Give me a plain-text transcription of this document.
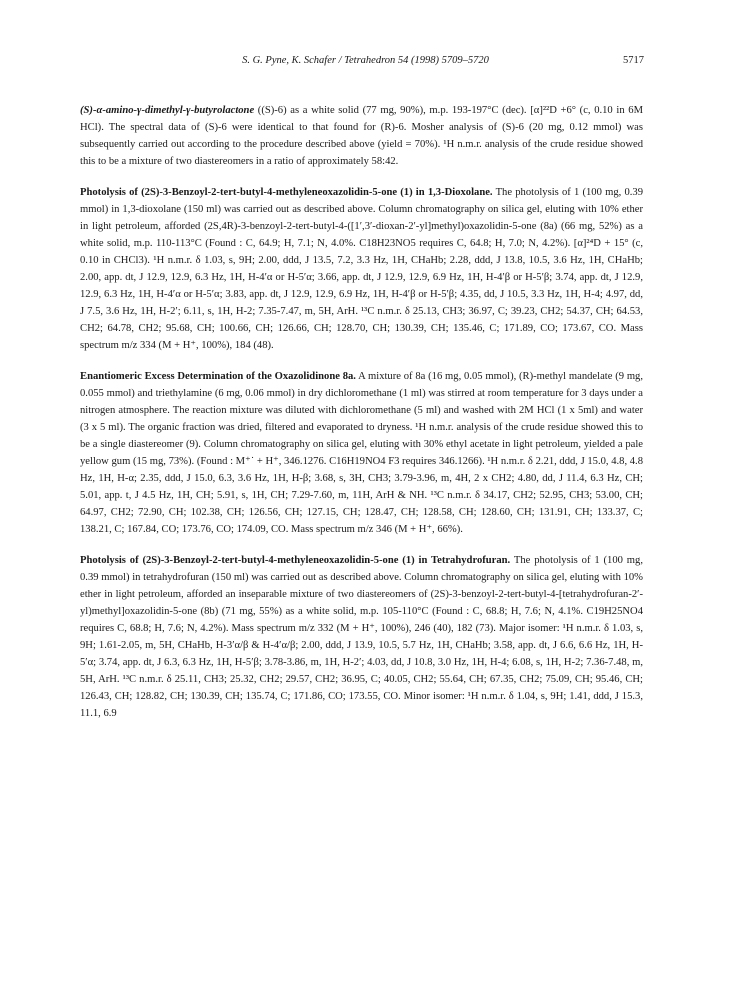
S. G. Pyne, K. Schafer / Tetrahedron 54 (1998) 5709–5720	5717

(S)-α-amino-γ-dimethyl-γ-butyrolactone ((S)-6) as a white solid (77 mg, 90%), m.p. 193-197°C (dec). [α]²²D +6° (c, 0.10 in 6M HCl). The spectral data of (S)-6 were identical to that found for (R)-6. Mosher analysis of (S)-6 (20 mg, 0.12 mmol) was subsequently carried out according to the procedure described above (yield = 70%). ¹H n.m.r. analysis of the crude residue showed this to be a mixture of two diastereomers in a ratio of approximately 58:42.

Photolysis of (2S)-3-Benzoyl-2-tert-butyl-4-methyleneoxazolidin-5-one (1) in 1,3-Dioxolane. The photolysis of 1 (100 mg, 0.39 mmol) in 1,3-dioxolane (150 ml) was carried out as described above. Column chromatography on silica gel, eluting with 10% ether in light petroleum, afforded (2S,4R)-3-benzoyl-2-tert-butyl-4-([1′,3′-dioxan-2′-yl]methyl)oxazolidin-5-one (8a) (66 mg, 52%) as a white solid, m.p. 110-113°C (Found : C, 64.9; H, 7.1; N, 4.0%. C18H23NO5 requires C, 64.8; H, 7.0; N, 4.2%). [α]²⁴D + 15° (c, 0.10 in CHCl3). ¹H n.m.r. δ 1.03, s, 9H; 2.00, ddd, J 13.5, 7.2, 3.3 Hz, 1H, CHaHb; 2.28, ddd, J 13.8, 10.5, 3.6 Hz, 1H, CHaHb; 2.00, app. dt, J 12.9, 12.9, 6.3 Hz, 1H, H-4′α or H-5′α; 3.66, app. dt, J 12.9, 12.9, 6.9 Hz, 1H, H-4′β or H-5′β; 3.74, app. dt, J 12.9, 12.9, 6.3 Hz, 1H, H-4′α or H-5′α; 3.83, app. dt, J 12.9, 12.9, 6.9 Hz, 1H, H-4′β or H-5′β; 4.35, dd, J 10.5, 3.3 Hz, 1H, H-4; 4.97, dd, J 7.5, 3.6 Hz, 1H, H-2′; 6.11, s, 1H, H-2; 7.35-7.47, m, 5H, ArH. ¹³C n.m.r. δ 25.13, CH3; 36.97, C; 39.23, CH2; 54.37, CH; 64.53, CH2; 64.78, CH2; 95.68, CH; 100.66, CH; 126.66, CH; 128.70, CH; 130.39, CH; 135.46, C; 171.89, CO; 173.67, CO. Mass spectrum m/z 334 (M + H⁺, 100%), 184 (48).

Enantiomeric Excess Determination of the Oxazolidinone 8a. A mixture of 8a (16 mg, 0.05 mmol), (R)-methyl mandelate (9 mg, 0.055 mmol) and triethylamine (6 mg, 0.06 mmol) in dry dichloromethane (1 ml) was stirred at room temperature for 3 days under a nitrogen atmosphere. The reaction mixture was diluted with dichloromethane (5 ml) and washed with 2M HCl (1 x 5ml) and water (3 x 5 ml). The organic fraction was dried, filtered and evaporated to dryness. ¹H n.m.r. analysis of the crude residue showed this to be a single diastereomer (9). Column chromatography on silica gel, eluting with 30% ethyl acetate in light petroleum, yielded a pale yellow gum (15 mg, 73%). (Found : M⁺˙ + H⁺, 346.1276. C16H19NO4 F3 requires 346.1266). ¹H n.m.r. δ 2.21, ddd, J 15.0, 4.8, 4.8 Hz, 1H, H-α; 2.35, ddd, J 15.0, 6.3, 3.6 Hz, 1H, H-β; 3.68, s, 3H, CH3; 3.79-3.96, m, 4H, 2 x CH2; 4.80, dd, J 11.4, 6.3 Hz, CH; 5.01, app. t, J 4.5 Hz, 1H, CH; 5.91, s, 1H, CH; 7.29-7.60, m, 11H, ArH & NH. ¹³C n.m.r. δ 34.17, CH2; 52.95, CH3; 53.00, CH; 64.97, CH2; 72.90, CH; 102.38, CH; 126.56, CH; 127.15, CH; 128.47, CH; 128.58, CH; 128.60, CH; 131.91, CH; 133.37, C; 138.21, C; 167.84, CO; 173.76, CO; 174.09, CO. Mass spectrum m/z 346 (M + H⁺, 66%).

Photolysis of (2S)-3-Benzoyl-2-tert-butyl-4-methyleneoxazolidin-5-one (1) in Tetrahydrofuran. The photolysis of 1 (100 mg, 0.39 mmol) in tetrahydrofuran (150 ml) was carried out as described above. Column chromatography on silica gel, eluting with 10% ether in light petroleum, afforded an inseparable mixture of two diastereomers of (2S)-3-benzoyl-2-tert-butyl-4-[tetrahydrofuran-2′-yl)methyl]oxazolidin-5-one (8b) (71 mg, 55%) as a white solid, m.p. 105-110°C (Found : C, 68.8; H, 7.6; N, 4.1%. C19H25NO4 requires C, 68.8; H, 7.6; N, 4.2%). Mass spectrum m/z 332 (M + H⁺, 100%), 246 (40), 182 (73). Major isomer: ¹H n.m.r. δ 1.03, s, 9H; 1.61-2.05, m, 5H, CHaHb, H-3′α/β & H-4′α/β; 2.00, ddd, J 13.9, 10.5, 5.7 Hz, 1H, CHaHb; 3.58, app. dt, J 6.6, 6.6 Hz, 1H, H-5′α; 3.74, app. dt, J 6.3, 6.3 Hz, 1H, H-5′β; 3.78-3.86, m, 1H, H-2′; 4.03, dd, J 10.8, 3.0 Hz, 1H, H-4; 6.08, s, 1H, H-2; 7.36-7.48, m, 5H, ArH. ¹³C n.m.r. δ 25.11, CH3; 25.32, CH2; 29.57, CH2; 36.95, C; 40.05, CH2; 55.64, CH; 67.35, CH2; 75.09, CH; 95.46, CH; 126.43, CH; 128.82, CH; 130.39, CH; 135.74, C; 171.86, CO; 173.55, CO. Minor isomer: ¹H n.m.r. δ 1.04, s, 9H; 1.41, ddd, J 15.3, 11.1, 6.9
